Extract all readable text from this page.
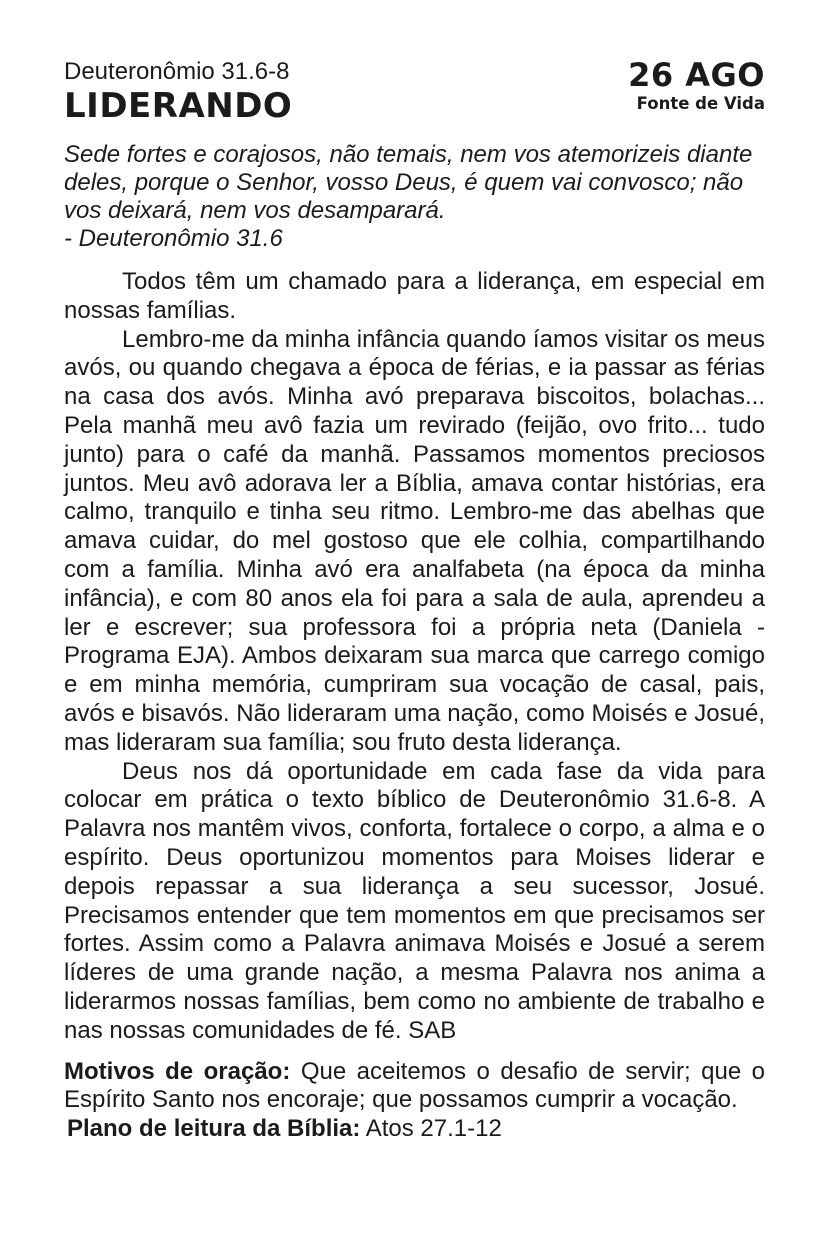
Deuteronômio 31.6-8
LIDERANDO
26 AGO
Fonte de Vida
Sede fortes e corajosos, não temais, nem vos atemorizeis diante deles, porque o Senhor, vosso Deus, é quem vai convosco; não vos deixará, nem vos desamparará.
- Deuteronômio 31.6

Todos têm um chamado para a liderança, em especial em nossas famílias.

Lembro-me da minha infância quando íamos visitar os meus avós, ou quando chegava a época de férias, e ia passar as férias na casa dos avós. Minha avó preparava biscoitos, bolachas... Pela manhã meu avô fazia um revirado (feijão, ovo frito... tudo junto) para o café da manhã. Passamos momentos preciosos juntos. Meu avô adorava ler a Bíblia, amava contar histórias, era calmo, tranquilo e tinha seu ritmo. Lembro-me das abelhas que amava cuidar, do mel gostoso que ele colhia, compartilhando com a família. Minha avó era analfabeta (na época da minha infância), e com 80 anos ela foi para a sala de aula, aprendeu a ler e escrever; sua professora foi a própria neta (Daniela - Programa EJA). Ambos deixaram sua marca que carrego comigo e em minha memória, cumpriram sua vocação de casal, pais, avós e bisavós. Não lideraram uma nação, como Moisés e Josué, mas lideraram sua família; sou fruto desta liderança.

Deus nos dá oportunidade em cada fase da vida para colocar em prática o texto bíblico de Deuteronômio 31.6-8. A Palavra nos mantêm vivos, conforta, fortalece o corpo, a alma e o espírito. Deus oportunizou momentos para Moises liderar e depois repassar a sua liderança a seu sucessor, Josué. Precisamos entender que tem momentos em que precisamos ser fortes. Assim como a Palavra animava Moisés e Josué a serem líderes de uma grande nação, a mesma Palavra nos anima a liderarmos nossas famílias, bem como no ambiente de trabalho e nas nossas comunidades de fé. SAB

Motivos de oração: Que aceitemos o desafio de servir; que o Espírito Santo nos encoraje; que possamos cumprir a vocação.

Plano de leitura da Bíblia: Atos 27.1-12
